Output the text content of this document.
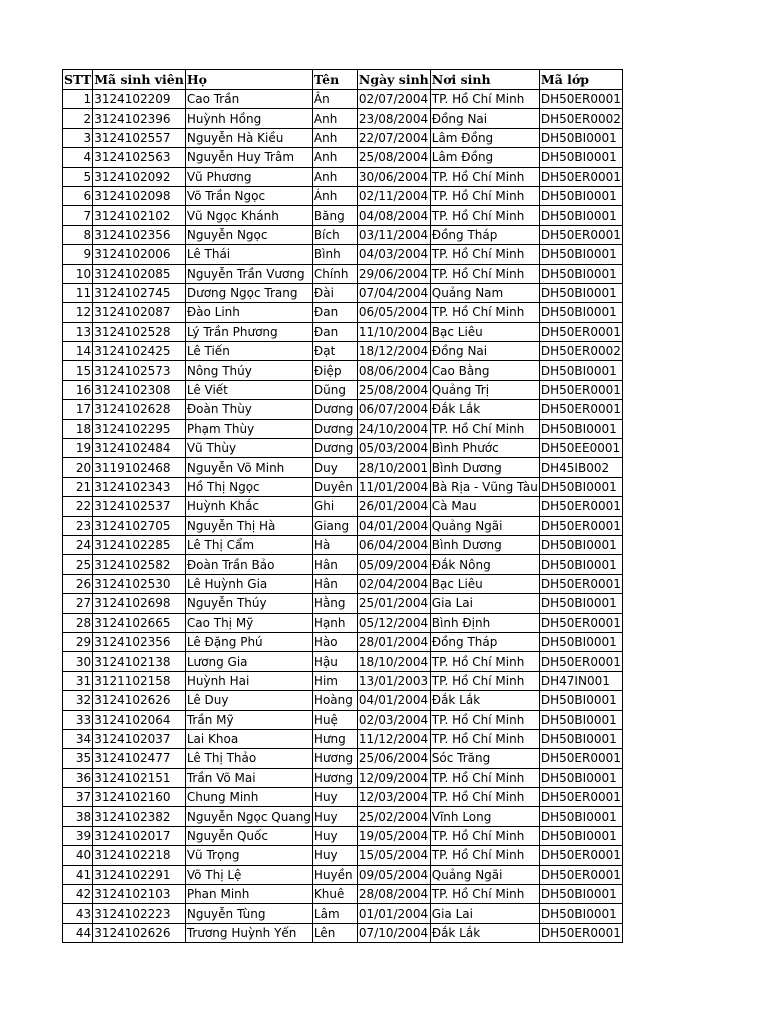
STT	Mã sinh viên	Họ	Tên	Ngày sinh	Nơi sinh	Mã lớp
1	3124102209	Cao Trần	Ân	02/07/2004	TP. Hồ Chí Minh	DH50ER0001
2	3124102396	Huỳnh Hồng	Anh	23/08/2004	Đồng Nai	DH50ER0002
3	3124102557	Nguyễn Hà Kiều	Anh	22/07/2004	Lâm Đồng	DH50BI0001
4	3124102563	Nguyễn Huy Trâm	Anh	25/08/2004	Lâm Đồng	DH50BI0001
5	3124102092	Vũ Phương	Anh	30/06/2004	TP. Hồ Chí Minh	DH50ER0001
6	3124102098	Võ Trần Ngọc	Ánh	02/11/2004	TP. Hồ Chí Minh	DH50BI0001
7	3124102102	Vũ Ngọc Khánh	Băng	04/08/2004	TP. Hồ Chí Minh	DH50BI0001
8	3124102356	Nguyễn Ngọc	Bích	03/11/2004	Đồng Tháp	DH50ER0001
9	3124102006	Lê Thái	Bình	04/03/2004	TP. Hồ Chí Minh	DH50BI0001
10	3124102085	Nguyễn Trần Vương	Chính	29/06/2004	TP. Hồ Chí Minh	DH50BI0001
11	3124102745	Dương Ngọc Trang	Đài	07/04/2004	Quảng Nam	DH50BI0001
12	3124102087	Đào Linh	Đan	06/05/2004	TP. Hồ Chí Minh	DH50BI0001
13	3124102528	Lý Trần Phương	Đan	11/10/2004	Bạc Liêu	DH50ER0001
14	3124102425	Lê Tiến	Đạt	18/12/2004	Đồng Nai	DH50ER0002
15	3124102573	Nông Thúy	Điệp	08/06/2004	Cao Bằng	DH50BI0001
16	3124102308	Lê Viết	Dũng	25/08/2004	Quảng Trị	DH50ER0001
17	3124102628	Đoàn Thùy	Dương	06/07/2004	Đắk Lắk	DH50ER0001
18	3124102295	Phạm Thùy	Dương	24/10/2004	TP. Hồ Chí Minh	DH50BI0001
19	3124102484	Vũ Thùy	Dương	05/03/2004	Bình Phước	DH50EE0001
20	3119102468	Nguyễn Võ Minh	Duy	28/10/2001	Bình Dương	DH45IB002
21	3124102343	Hồ Thị Ngọc	Duyên	11/01/2004	Bà Rịa - Vũng Tàu	DH50BI0001
22	3124102537	Huỳnh Khắc	Ghi	26/01/2004	Cà Mau	DH50ER0001
23	3124102705	Nguyễn Thị Hà	Giang	04/01/2004	Quảng Ngãi	DH50ER0001
24	3124102285	Lê Thị Cẩm	Hà	06/04/2004	Bình Dương	DH50BI0001
25	3124102582	Đoàn Trần Bảo	Hân	05/09/2004	Đắk Nông	DH50BI0001
26	3124102530	Lê Huỳnh Gia	Hân	02/04/2004	Bạc Liêu	DH50ER0001
27	3124102698	Nguyễn Thúy	Hằng	25/01/2004	Gia Lai	DH50BI0001
28	3124102665	Cao Thị Mỹ	Hạnh	05/12/2004	Bình Định	DH50ER0001
29	3124102356	Lê Đặng Phú	Hào	28/01/2004	Đồng Tháp	DH50BI0001
30	3124102138	Lương Gia	Hậu	18/10/2004	TP. Hồ Chí Minh	DH50ER0001
31	3121102158	Huỳnh Hai	Him	13/01/2003	TP. Hồ Chí Minh	DH47IN001
32	3124102626	Lê Duy	Hoàng	04/01/2004	Đắk Lắk	DH50BI0001
33	3124102064	Trần Mỹ	Huệ	02/03/2004	TP. Hồ Chí Minh	DH50BI0001
34	3124102037	Lai Khoa	Hưng	11/12/2004	TP. Hồ Chí Minh	DH50BI0001
35	3124102477	Lê Thị Thảo	Hương	25/06/2004	Sóc Trăng	DH50ER0001
36	3124102151	Trần Võ Mai	Hương	12/09/2004	TP. Hồ Chí Minh	DH50BI0001
37	3124102160	Chung Minh	Huy	12/03/2004	TP. Hồ Chí Minh	DH50ER0001
38	3124102382	Nguyễn Ngọc Quang	Huy	25/02/2004	Vĩnh Long	DH50BI0001
39	3124102017	Nguyễn Quốc	Huy	19/05/2004	TP. Hồ Chí Minh	DH50BI0001
40	3124102218	Vũ Trọng	Huy	15/05/2004	TP. Hồ Chí Minh	DH50ER0001
41	3124102291	Võ Thị Lệ	Huyền	09/05/2004	Quảng Ngãi	DH50ER0001
42	3124102103	Phan Minh	Khuê	28/08/2004	TP. Hồ Chí Minh	DH50BI0001
43	3124102223	Nguyễn Tùng	Lâm	01/01/2004	Gia Lai	DH50BI0001
44	3124102626	Trương Huỳnh Yến	Lên	07/10/2004	Đắk Lắk	DH50ER0001
